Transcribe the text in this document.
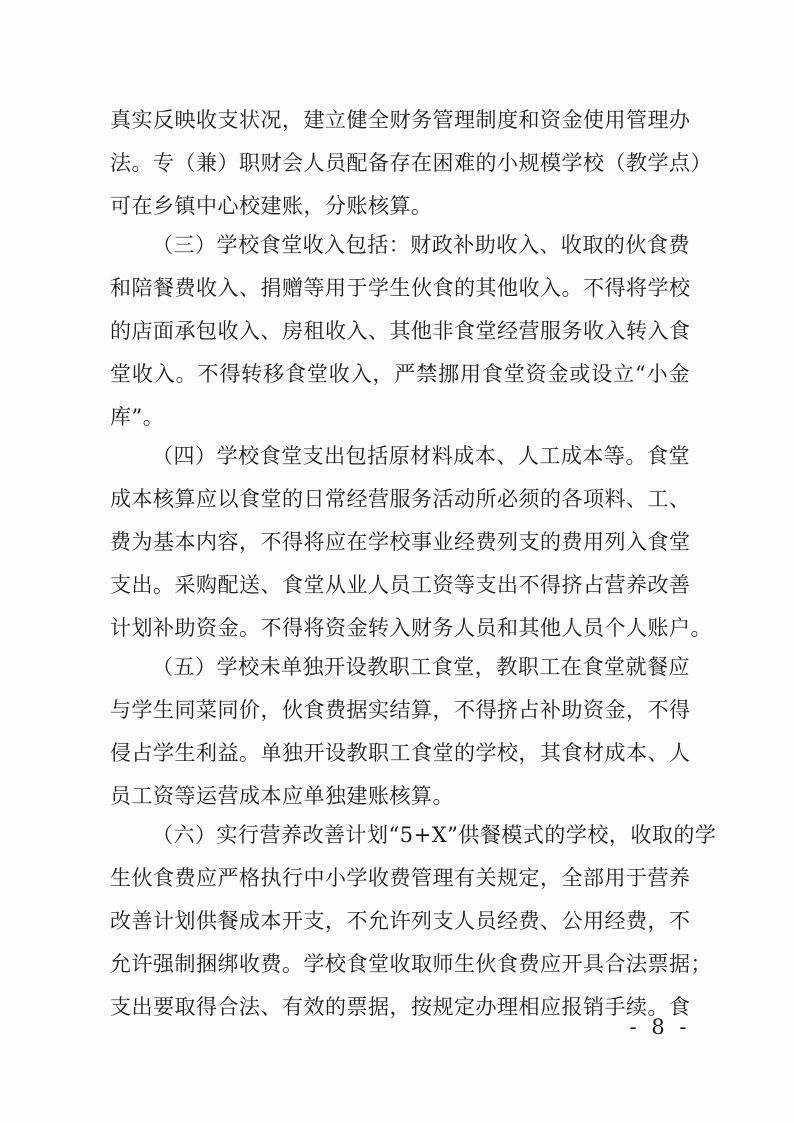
真实反映收支状况，建立健全财务管理制度和资金使用管理办
法。专（兼）职财会人员配备存在困难的小规模学校（教学点）
可在乡镇中心校建账，分账核算。
（三）学校食堂收入包括：财政补助收入、收取的伙食费
和陪餐费收入、捐赠等用于学生伙食的其他收入。不得将学校
的店面承包收入、房租收入、其他非食堂经营服务收入转入食
堂收入。不得转移食堂收入，严禁挪用食堂资金或设立“小金
库”。
（四）学校食堂支出包括原材料成本、人工成本等。食堂
成本核算应以食堂的日常经营服务活动所必须的各项料、工、
费为基本内容，不得将应在学校事业经费列支的费用列入食堂
支出。采购配送、食堂从业人员工资等支出不得挤占营养改善
计划补助资金。不得将资金转入财务人员和其他人员个人账户。
（五）学校未单独开设教职工食堂，教职工在食堂就餐应
与学生同菜同价，伙食费据实结算，不得挤占补助资金，不得
侵占学生利益。单独开设教职工食堂的学校，其食材成本、人
员工资等运营成本应单独建账核算。
（六）实行营养改善计划“5+X”供餐模式的学校，收取的学
生伙食费应严格执行中小学收费管理有关规定，全部用于营养
改善计划供餐成本开支，不允许列支人员经费、公用经费，不
允许强制捆绑收费。学校食堂收取师生伙食费应开具合法票据；
支出要取得合法、有效的票据，按规定办理相应报销手续。食
- 8 -
